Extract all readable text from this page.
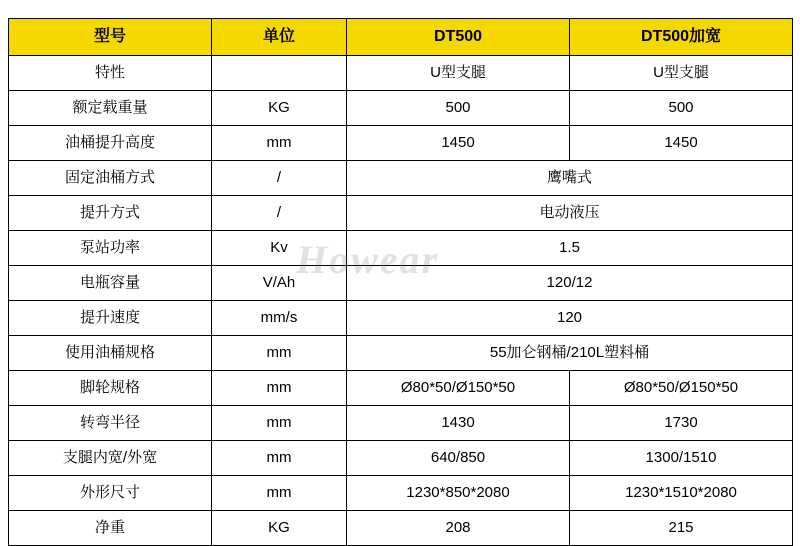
型号	单位	DT500	DT500加宽
特性		U型支腿	U型支腿
额定载重量	KG	500	500
油桶提升高度	mm	1450	1450
固定油桶方式	/	鹰嘴式	
提升方式	/	电动液压	
泵站功率	Kv	1.5	
电瓶容量	V/Ah	120/12	
提升速度	mm/s	120	
使用油桶规格	mm	55加仑钢桶/210L塑料桶	
脚轮规格	mm	Ø80*50/Ø150*50	Ø80*50/Ø150*50
转弯半径	mm	1430	1730
支腿内宽/外宽	mm	640/850	1300/1510
外形尺寸	mm	1230*850*2080	1230*1510*2080
净重	KG	208	215
Howear
